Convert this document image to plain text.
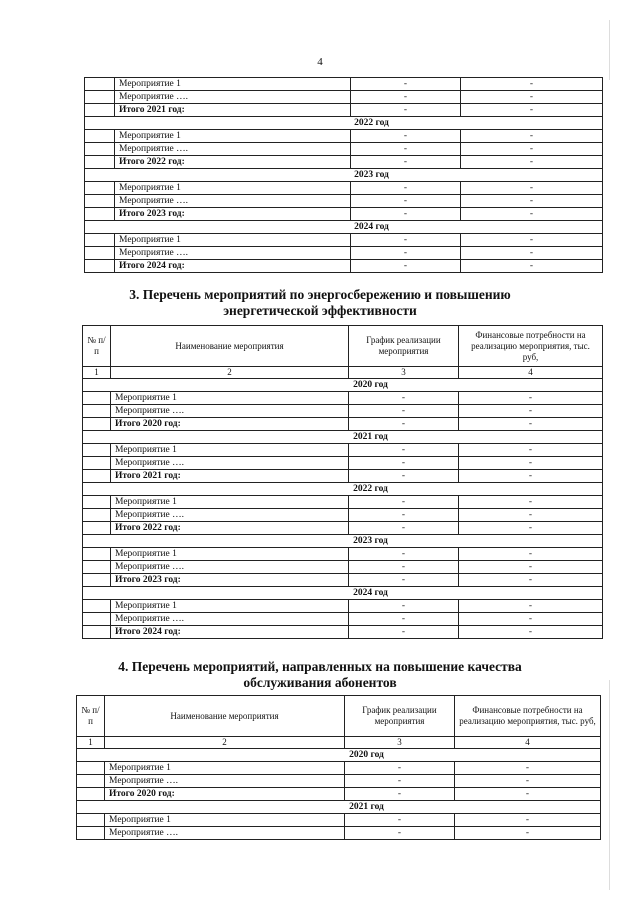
4
	Мероприятие 1	-	-
	Мероприятие ….	-	-
	Итого 2021 год:	-	-
2022 год			
	Мероприятие 1	-	-
	Мероприятие ….	-	-
	Итого 2022 год:	-	-
2023 год			
	Мероприятие 1	-	-
	Мероприятие ….	-	-
	Итого 2023 год:	-	-
2024 год			
	Мероприятие 1	-	-
	Мероприятие ….	-	-
	Итого 2024 год:	-	-
3. Перечень мероприятий по энергосбережению и повышению
энергетической эффективности
№ п/п	Наименование мероприятия	График реализации мероприятия	Финансовые потребности на реализацию мероприятия, тыс. руб,
1	2	3	4
2020 год			
	Мероприятие 1	-	-
	Мероприятие ….	-	-
	Итого 2020 год:	-	-
2021 год			
	Мероприятие 1	-	-
	Мероприятие ….	-	-
	Итого 2021 год:	-	-
2022 год			
	Мероприятие 1	-	-
	Мероприятие ….	-	-
	Итого 2022 год:	-	-
2023 год			
	Мероприятие 1	-	-
	Мероприятие ….	-	-
	Итого 2023 год:	-	-
2024 год			
	Мероприятие 1	-	-
	Мероприятие ….	-	-
	Итого 2024 год:	-	-
4. Перечень мероприятий, направленных на повышение качества
обслуживания абонентов
№ п/п	Наименование мероприятия	График реализации мероприятия	Финансовые потребности на реализацию мероприятия, тыс. руб,
1	2	3	4
2020 год			
	Мероприятие 1	-	-
	Мероприятие ….	-	-
	Итого 2020 год:	-	-
2021 год			
	Мероприятие 1	-	-
	Мероприятие ….	-	-
